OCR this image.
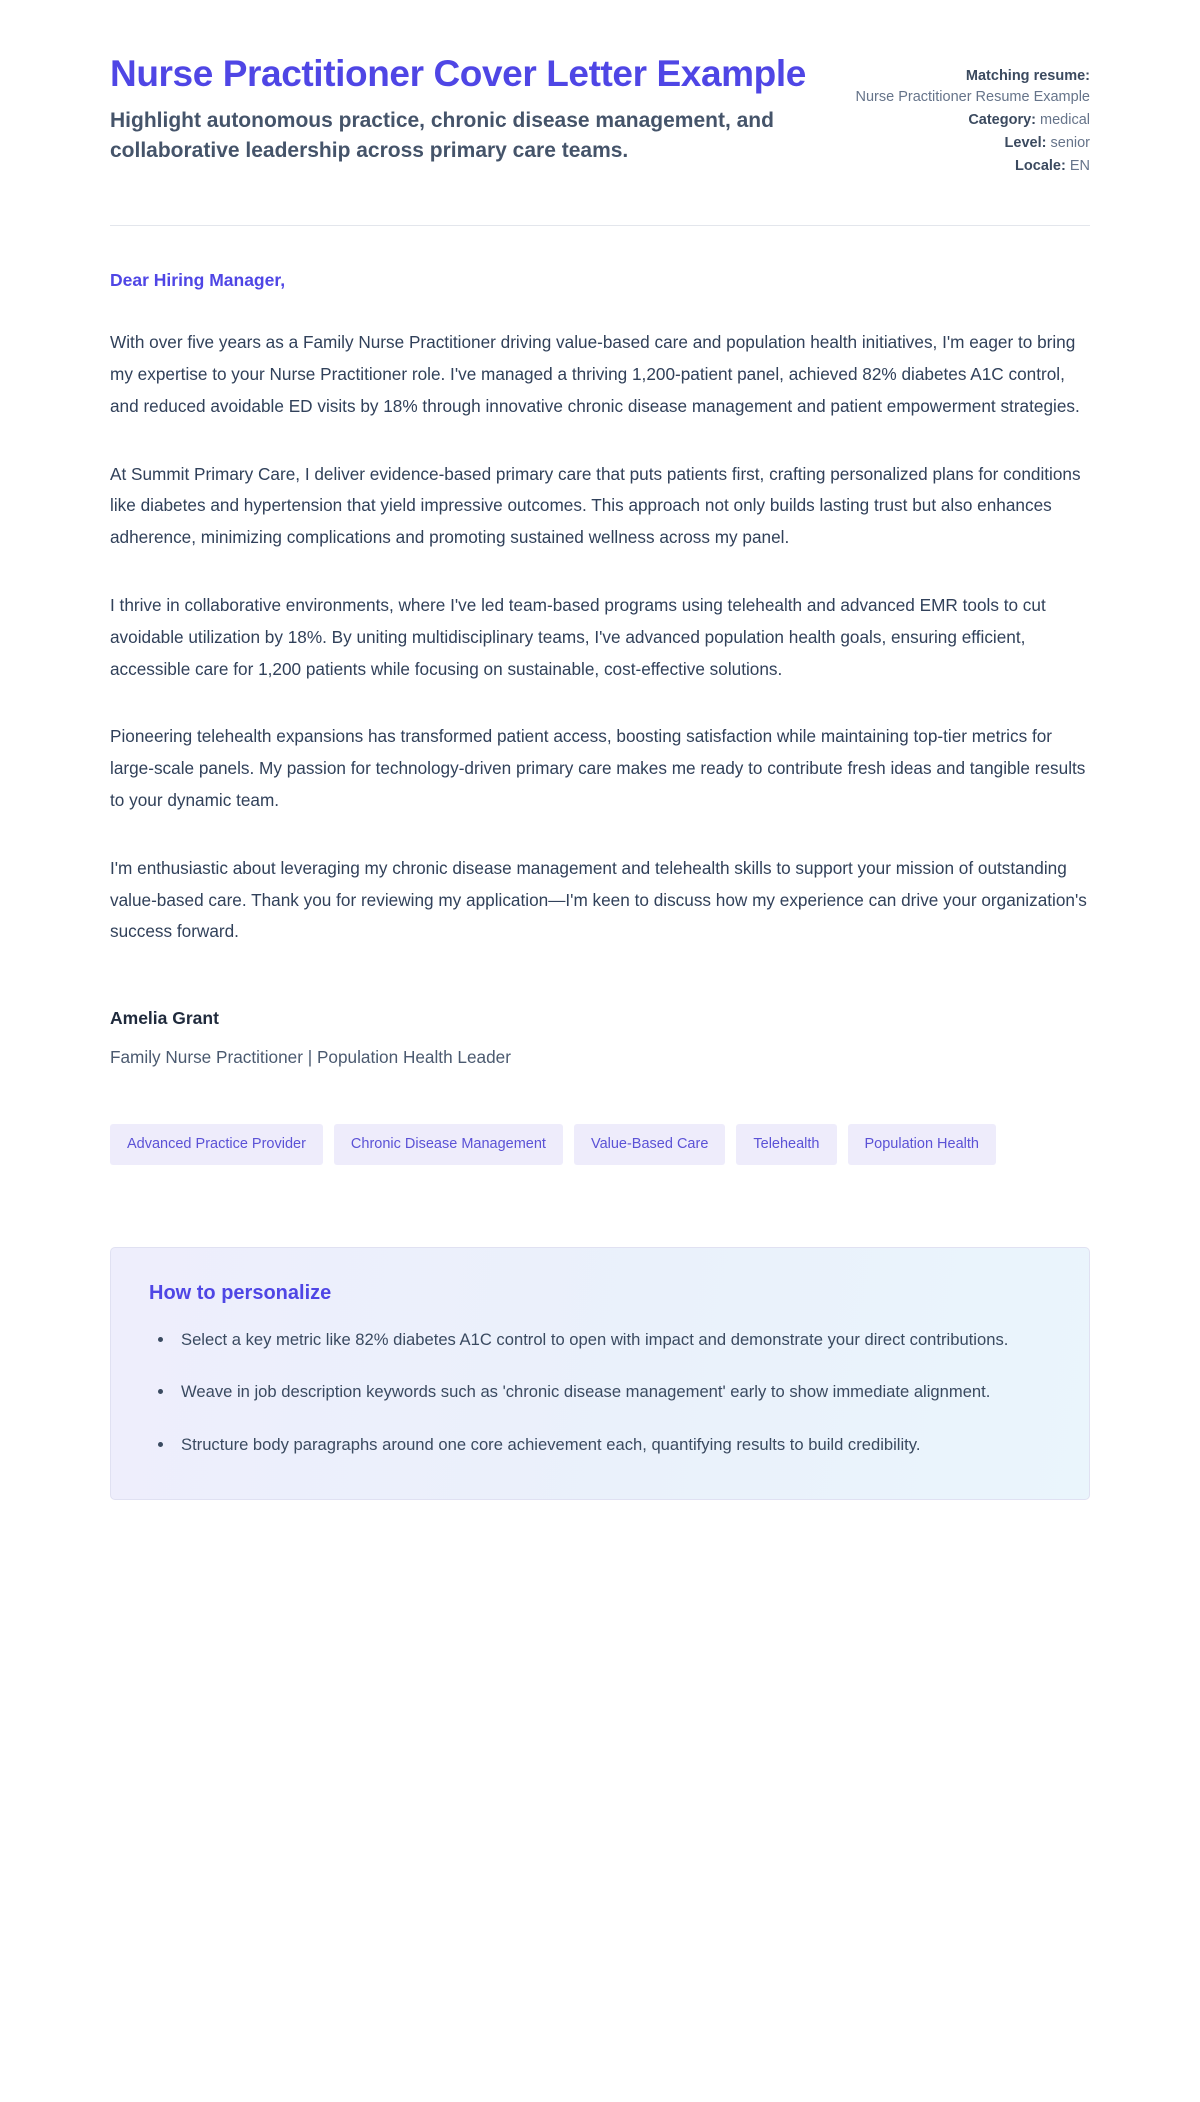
Nurse Practitioner Cover Letter Example

Highlight autonomous practice, chronic disease management, and collaborative leadership across primary care teams.

Matching resume:
Nurse Practitioner Resume Example
Category: medical
Level: senior
Locale: EN

Dear Hiring Manager,

With over five years as a Family Nurse Practitioner driving value-based care and population health initiatives, I'm eager to bring my expertise to your Nurse Practitioner role. I've managed a thriving 1,200-patient panel, achieved 82% diabetes A1C control, and reduced avoidable ED visits by 18% through innovative chronic disease management and patient empowerment strategies.

At Summit Primary Care, I deliver evidence-based primary care that puts patients first, crafting personalized plans for conditions like diabetes and hypertension that yield impressive outcomes. This approach not only builds lasting trust but also enhances adherence, minimizing complications and promoting sustained wellness across my panel.

I thrive in collaborative environments, where I've led team-based programs using telehealth and advanced EMR tools to cut avoidable utilization by 18%. By uniting multidisciplinary teams, I've advanced population health goals, ensuring efficient, accessible care for 1,200 patients while focusing on sustainable, cost-effective solutions.

Pioneering telehealth expansions has transformed patient access, boosting satisfaction while maintaining top-tier metrics for large-scale panels. My passion for technology-driven primary care makes me ready to contribute fresh ideas and tangible results to your dynamic team.

I'm enthusiastic about leveraging my chronic disease management and telehealth skills to support your mission of outstanding value-based care. Thank you for reviewing my application—I'm keen to discuss how my experience can drive your organization's success forward.

Amelia Grant

Family Nurse Practitioner | Population Health Leader

Advanced Practice Provider	Chronic Disease Management	Value-Based Care	Telehealth	Population Health
How to personalize
• Select a key metric like 82% diabetes A1C control to open with impact and demonstrate your direct contributions.
• Weave in job description keywords such as 'chronic disease management' early to show immediate alignment.
• Structure body paragraphs around one core achievement each, quantifying results to build credibility.
